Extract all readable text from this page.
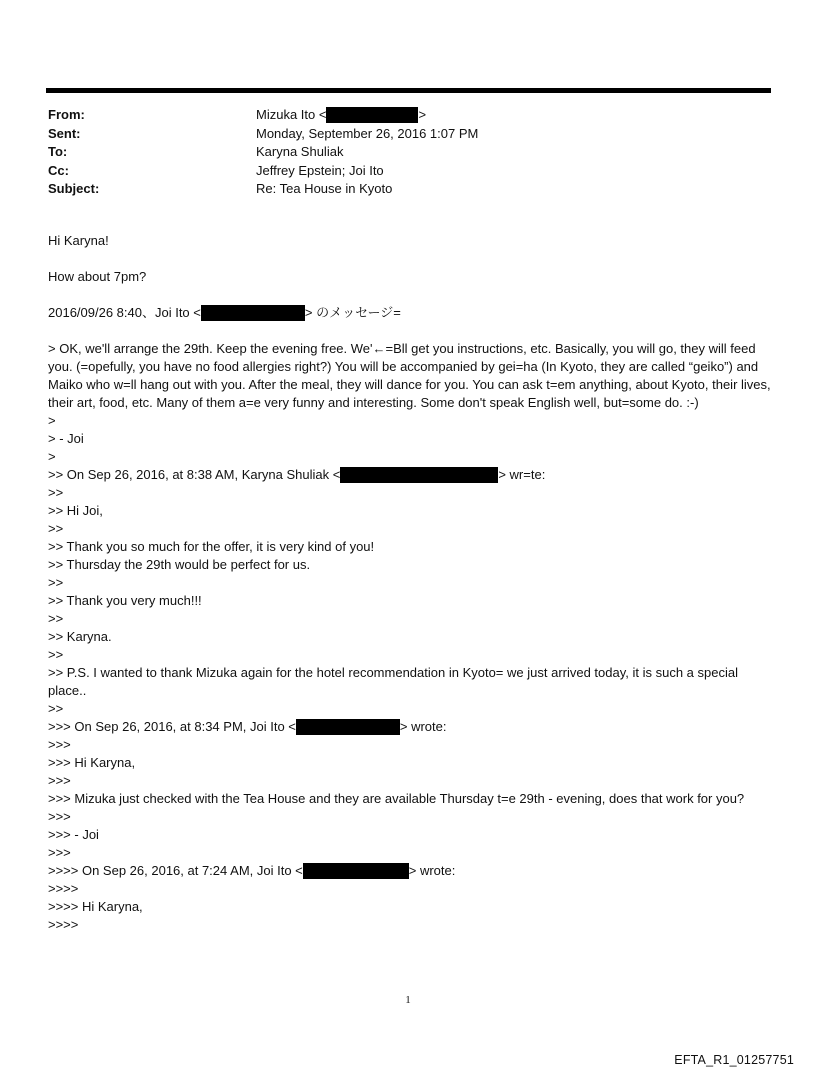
From:	Mizuka Ito <	>
Sent:	Monday, September 26, 2016 1:07 PM
To:	Karyna Shuliak
Cc:	Jeffrey Epstein; Joi Ito
Subject:	Re: Tea House in Kyoto
Hi Karyna!
How about 7pm?
2016/09/26 8:40、Joi Ito <	> のメッセージ=

> OK, we'll arrange the 29th. Keep the evening free. We'←=Bll get you instructions, etc. Basically, you will go, they will feed you. (=opefully, you have no food allergies right?) You will be accompanied by gei=ha (In Kyoto, they are called “geiko”) and Maiko who w=ll hang out with you. After the meal, they will dance for you. You can ask t=em anything, about Kyoto, their lives, their art, food, etc. Many of them a=e very funny and interesting. Some don't speak English well, but=some do. :-)

>
> - Joi
>
>> On Sep 26, 2016, at 8:38 AM, Karyna Shuliak <	> wr=te:
>>
>> Hi Joi,
>>
>> Thank you so much for the offer, it is very kind of you!
>> Thursday the 29th would be perfect for us.
>>
>> Thank you very much!!!
>>
>> Karyna.
>>

>> P.S. I wanted to thank Mizuka again for the hotel recommendation in Kyoto= we just arrived today, it is such a special place..

>>
>>> On Sep 26, 2016, at 8:34 PM, Joi Ito <	> wrote:
>>>
>>> Hi Karyna,
>>>
>>> Mizuka just checked with the Tea House and they are available Thursday t=e 29th - evening, does that work for you?
>>>
>>> - Joi
>>>
>>>> On Sep 26, 2016, at 7:24 AM, Joi Ito <	> wrote:
>>>>
>>>> Hi Karyna,
>>>>
1
EFTA_R1_01257751
